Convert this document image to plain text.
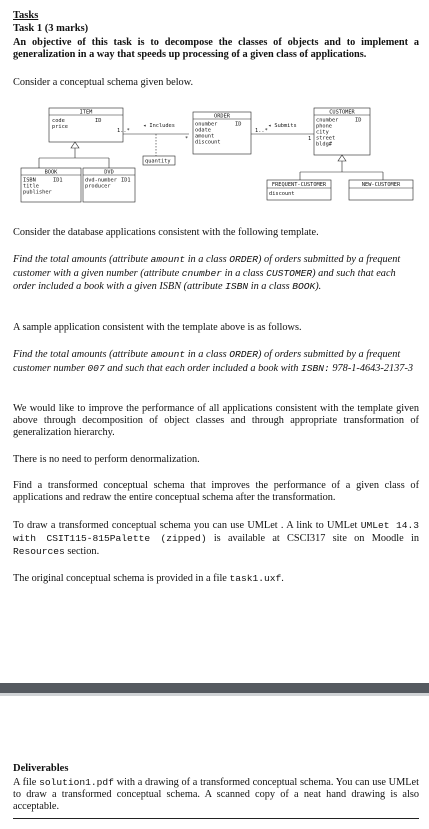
Tasks
Task 1 (3 marks)
An objective of this task is to decompose the classes of objects and to implement a generalization in a way that speeds up processing of a given class of applications.
Consider a conceptual schema given below.
ITEM
code
price
ID
BOOK
ISBN
title
publisher
ID1
DVD
dvd-number
producer
ID1
1..*
*
◂ Includes
quantity
ORDER
onumber
odate
amount
discount
ID
1..*
1
◂ Submits
CUSTOMER
cnumber
phone
city
street
bldg#
ID
FREQUENT-CUSTOMER
discount
NEW-CUSTOMER
Consider the database applications consistent with the following template.
Find the total amounts (attribute amount in a class ORDER) of orders submitted by a frequent customer with a given number (attribute cnumber in a class CUSTOMER) and such that each order included a book with a given ISBN (attribute ISBN in a class BOOK).
A sample application consistent with the template above is as follows.
Find the total amounts (attribute amount in a class ORDER) of orders submitted by a frequent customer number 007 and such that each order included a book with ISBN: 978-1-4643-2137-3
We would like to improve the performance of all applications consistent with the template given above through decomposition of object classes and through appropriate transformation of generalization hierarchy.
There is no need to perform denormalization.
Find a transformed conceptual schema that improves the performance of a given class of applications and redraw the entire conceptual schema after the transformation.
To draw a transformed conceptual schema you can use UMLet . A link to UMLet UMLet 14.3 with CSIT115-815Palette (zipped) is available at CSCI317 site on Moodle in Resources section.
The original conceptual schema is provided in a file task1.uxf.
Deliverables
A file solution1.pdf with a drawing of a transformed conceptual schema. You can use UMLet to draw a transformed conceptual schema. A scanned copy of a neat hand drawing is also acceptable.
